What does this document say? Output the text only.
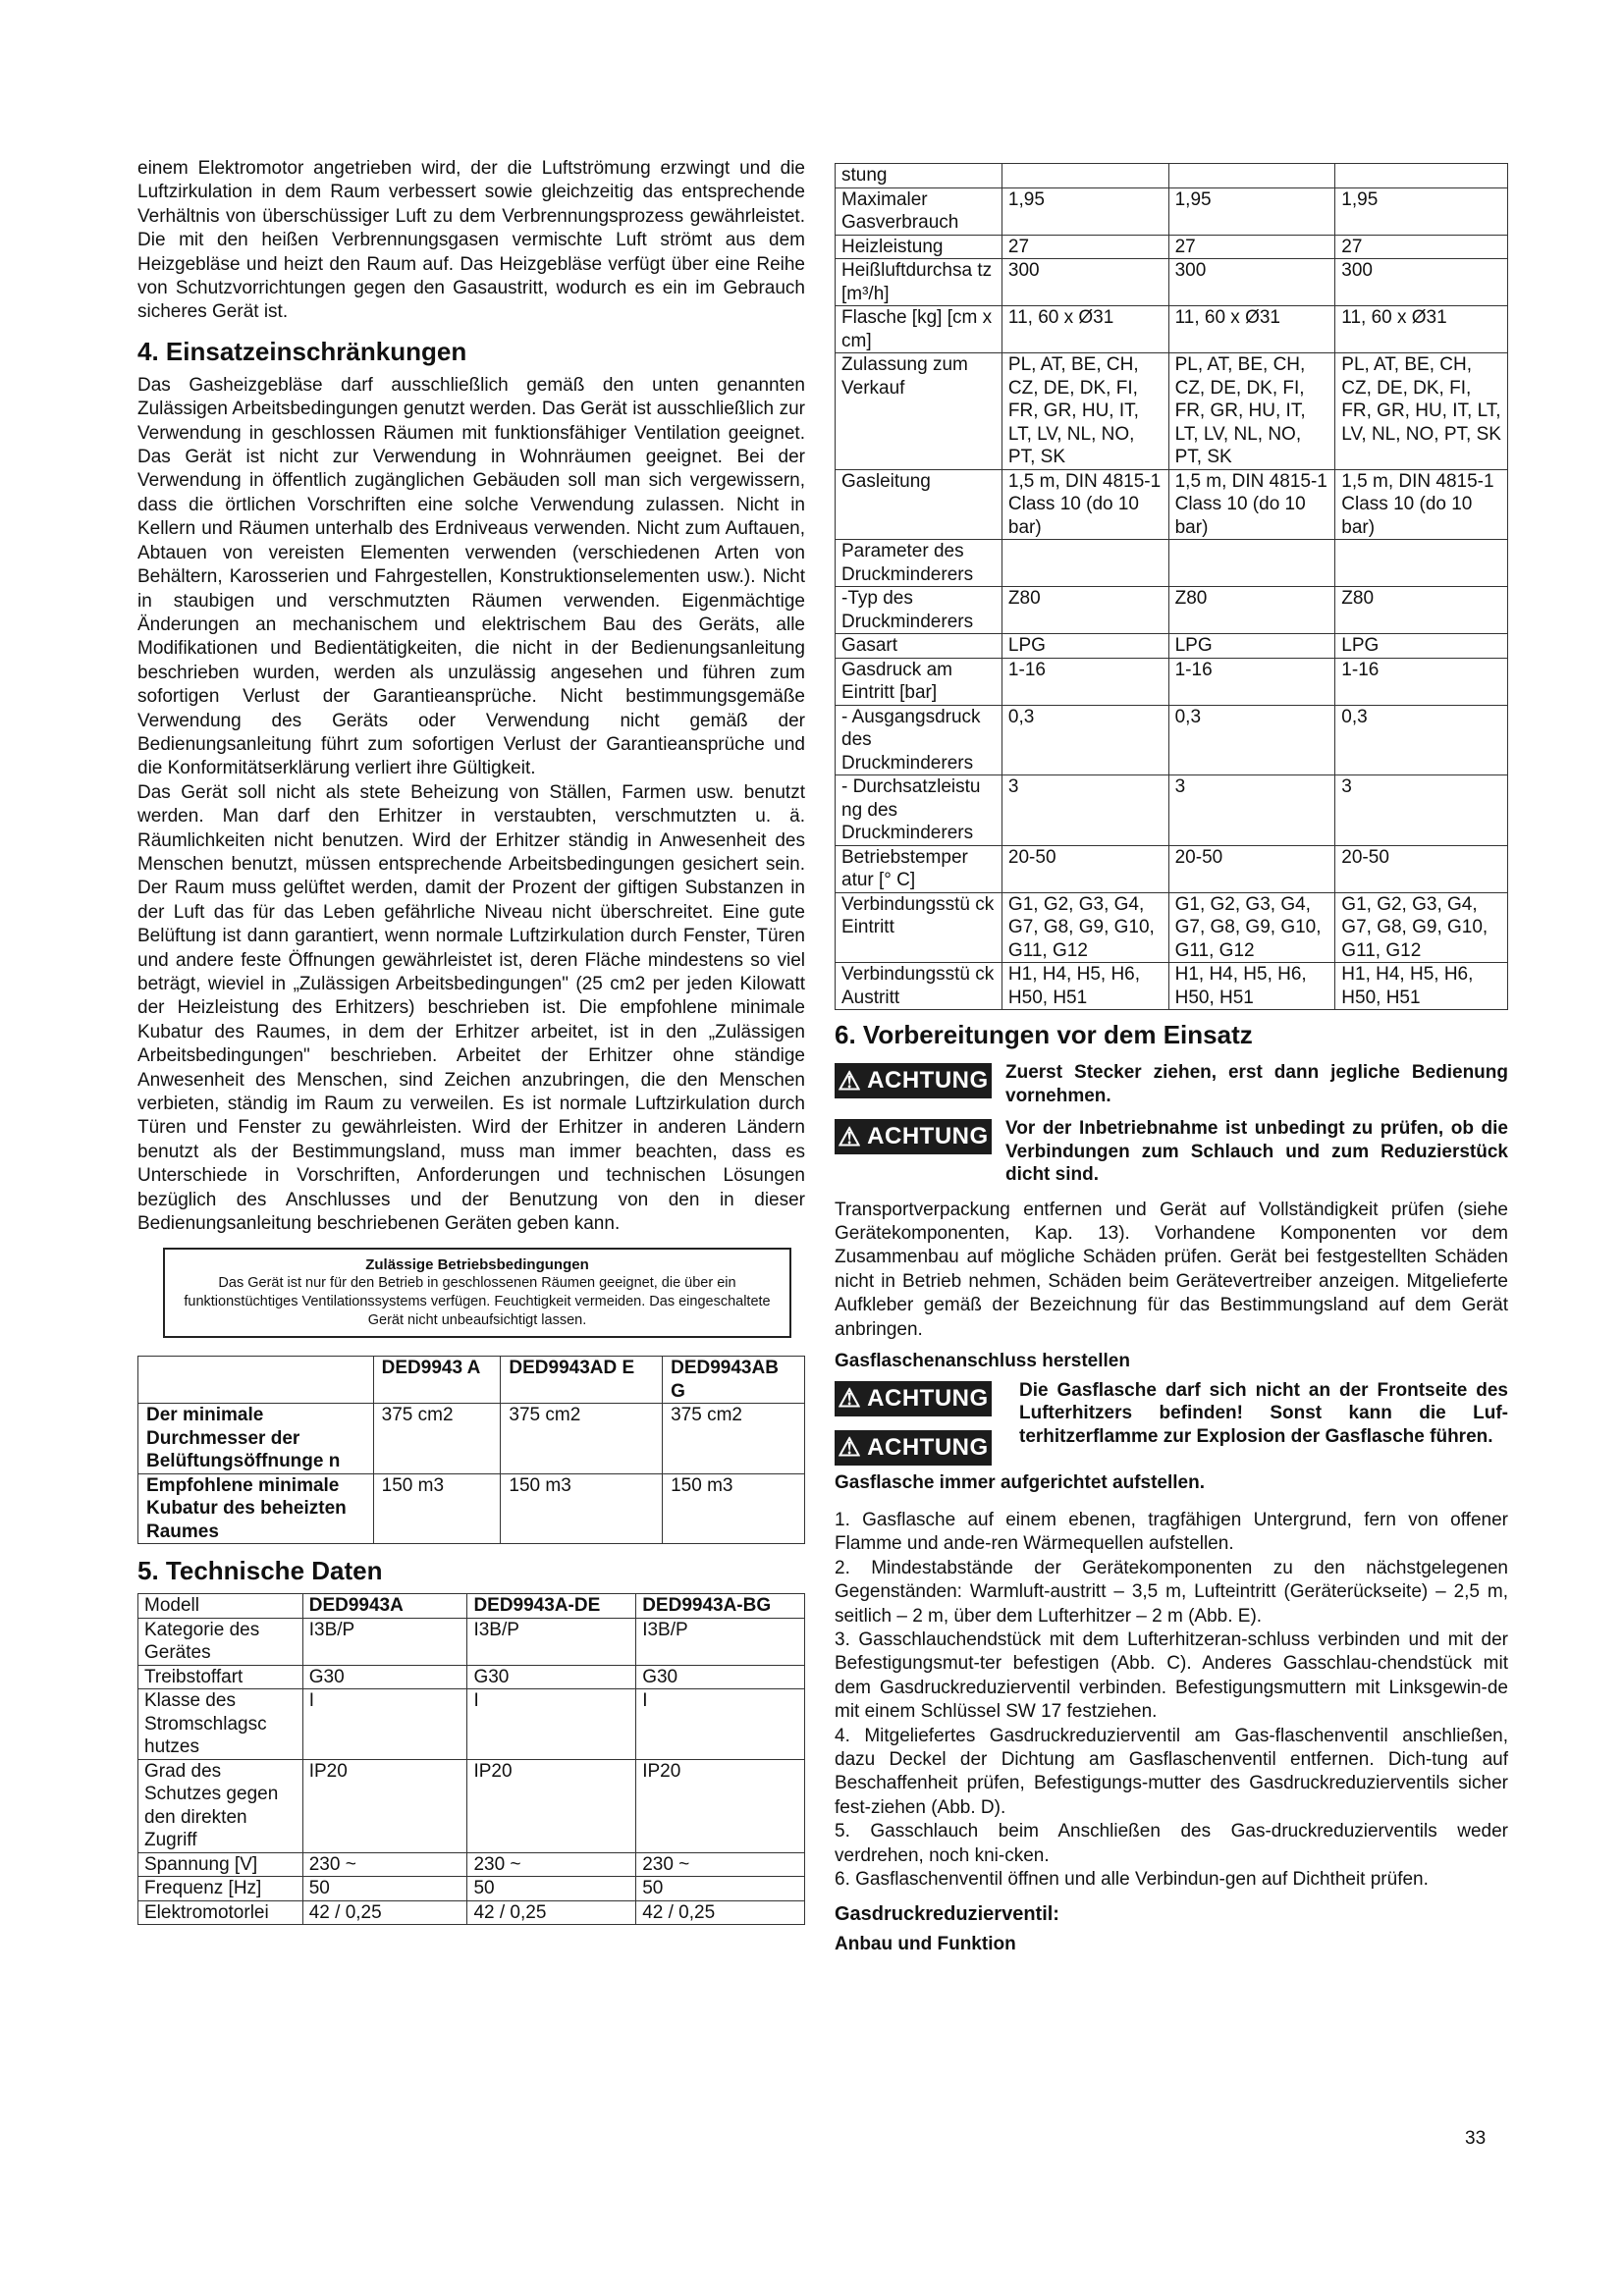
einem Elektromotor angetrieben wird, der die Luftströmung erzwingt und die Luftzirkulation in dem Raum verbessert sowie gleichzeitig das entsprechende Verhältnis von überschüssiger Luft zu dem Verbrennungsprozess gewährleistet. Die mit den heißen Verbrennungsgasen vermischte Luft strömt aus dem Heizgebläse und heizt den Raum auf. Das Heizgebläse verfügt über eine Reihe von Schutzvorrichtungen gegen den Gasaustritt, wodurch es ein im Gebrauch sicheres Gerät ist.

4. Einsatzeinschränkungen

Das Gasheizgebläse darf ausschließlich gemäß den unten genannten Zulässigen Arbeitsbedingungen genutzt werden. Das Gerät ist ausschließlich zur Verwendung in geschlossen Räumen mit funktionsfähiger Ventilation geeignet. Das Gerät ist nicht zur Verwendung in Wohnräumen geeignet. Bei der Verwendung in öffentlich zugänglichen Gebäuden soll man sich vergewissern, dass die örtlichen Vorschriften eine solche Verwendung zulassen. Nicht in Kellern und Räumen unterhalb des Erdniveaus verwenden. Nicht zum Auftauen, Abtauen von vereisten Elementen verwenden (verschiedenen Arten von Behältern, Karosserien und Fahrgestellen, Konstruktionselementen usw.). Nicht in staubigen und verschmutzten Räumen verwenden. Eigenmächtige Änderungen an mechanischem und elektrischem Bau des Geräts, alle Modifikationen und Bedientätigkeiten, die nicht in der Bedienungsanleitung beschrieben wurden, werden als unzulässig angesehen und führen zum sofortigen Verlust der Garantieansprüche. Nicht bestimmungsgemäße Verwendung des Geräts oder Verwendung nicht gemäß der Bedienungsanleitung führt zum sofortigen Verlust der Garantieansprüche und die Konformitätserklärung verliert ihre Gültigkeit.

Das Gerät soll nicht als stete Beheizung von Ställen, Farmen usw. benutzt werden. Man darf den Erhitzer in verstaubten, verschmutzten u. ä. Räumlichkeiten nicht benutzen. Wird der Erhitzer ständig in Anwesenheit des Menschen benutzt, müssen entsprechende Arbeitsbedingungen gesichert sein. Der Raum muss gelüftet werden, damit der Prozent der giftigen Substanzen in der Luft das für das Leben gefährliche Niveau nicht überschreitet. Eine gute Belüftung ist dann garantiert, wenn normale Luftzirkulation durch Fenster, Türen und andere feste Öffnungen gewährleistet ist, deren Fläche mindestens so viel beträgt, wieviel in „Zulässigen Arbeitsbedingungen" (25 cm2 per jeden Kilowatt der Heizleistung des Erhitzers) beschrieben ist. Die empfohlene minimale Kubatur des Raumes, in dem der Erhitzer arbeitet, ist in den „Zulässigen Arbeitsbedingungen" beschrieben. Arbeitet der Erhitzer ohne ständige Anwesenheit des Menschen, sind Zeichen anzubringen, die den Menschen verbieten, ständig im Raum zu verweilen. Es ist normale Luftzirkulation durch Türen und Fenster zu gewährleisten. Wird der Erhitzer in anderen Ländern benutzt als der Bestimmungsland, muss man immer beachten, dass es Unterschiede in Vorschriften, Anforderungen und technischen Lösungen bezüglich des Anschlusses und der Benutzung von den in dieser Bedienungsanleitung beschriebenen Geräten geben kann.

Zulässige Betriebsbedingungen
Das Gerät ist nur für den Betrieb in geschlossenen Räumen geeignet, die über ein funktionstüchtiges Ventilationssystems verfügen. Feuchtigkeit vermeiden. Das eingeschaltete Gerät nicht unbeaufsichtigt lassen.
	DED9943 A	DED9943AD E	DED9943AB G
Der minimale Durchmesser der Belüftungsöffnunge n	375 cm2	375 cm2	375 cm2
Empfohlene minimale Kubatur des beheizten Raumes	150 m3	150 m3	150 m3
5. Technische Daten
Modell	DED9943A	DED9943A-DE	DED9943A-BG
Kategorie des Gerätes	I3B/P	I3B/P	I3B/P
Treibstoffart	G30	G30	G30
Klasse des Stromschlagsc hutzes	I	I	I
Grad des Schutzes gegen den direkten Zugriff	IP20	IP20	IP20
Spannung [V]	230 ~	230 ~	230 ~
Frequenz [Hz]	50	50	50
Elektromotorlei	42 / 0,25	42 / 0,25	42 / 0,25
stung			
Maximaler Gasverbrauch	1,95	1,95	1,95
Heizleistung	27	27	27
Heißluftdurchsa tz [m³/h]	300	300	300
Flasche [kg] [cm x cm]	11, 60 x Ø31	11, 60 x Ø31	11, 60 x Ø31
Zulassung zum Verkauf	PL, AT, BE, CH, CZ, DE, DK, FI, FR, GR, HU, IT, LT, LV, NL, NO, PT, SK	PL, AT, BE, CH, CZ, DE, DK, FI, FR, GR, HU, IT, LT, LV, NL, NO, PT, SK	PL, AT, BE, CH, CZ, DE, DK, FI, FR, GR, HU, IT, LT, LV, NL, NO, PT, SK
Gasleitung	1,5 m, DIN 4815-1 Class 10 (do 10 bar)	1,5 m, DIN 4815-1 Class 10 (do 10 bar)	1,5 m, DIN 4815-1 Class 10 (do 10 bar)
Parameter des Druckminderers			
-Typ des Druckminderers	Z80	Z80	Z80
Gasart	LPG	LPG	LPG
Gasdruck am Eintritt [bar]	1-16	1-16	1-16
- Ausgangsdruck des Druckminderers	0,3	0,3	0,3
- Durchsatzleistu ng des Druckminderers	3	3	3
Betriebstemper atur [° C]	20-50	20-50	20-50
Verbindungsstü ck Eintritt	G1, G2, G3, G4, G7, G8, G9, G10, G11, G12	G1, G2, G3, G4, G7, G8, G9, G10, G11, G12	G1, G2, G3, G4, G7, G8, G9, G10, G11, G12
Verbindungsstü ck Austritt	H1, H4, H5, H6, H50, H51	H1, H4, H5, H6, H50, H51	H1, H4, H5, H6, H50, H51
6. Vorbereitungen vor dem Einsatz
⚠ ACHTUNG Zuerst Stecker ziehen, erst dann jegliche Bedienung vornehmen.
⚠ ACHTUNG Vor der Inbetriebnahme ist unbedingt zu prüfen, ob die Verbindungen zum Schlauch und zum Reduzierstück dicht sind.

Transportverpackung entfernen und Gerät auf Vollständigkeit prüfen (siehe Gerätekomponenten, Kap. 13). Vorhandene Komponenten vor dem Zusammenbau auf mögliche Schäden prüfen. Gerät bei festgestellten Schäden nicht in Betrieb nehmen, Schäden beim Gerätevertreiber anzeigen. Mitgeliefertе Aufkleber gemäß der Bezeichnung für das Bestimmungsland auf dem Gerät anbringen.

Gasflaschenanschluss herstellen
⚠ ACHTUNG
⚠ ACHTUNG
Die Gasflasche darf sich nicht an der Frontseite des Lufterhitzers befinden! Sonst kann die Luf-terhitzerflamme zur Explosion der Gasflasche führen.
Gasflasche immer aufgerichtet aufstellen.

1. Gasflasche auf einem ebenen, tragfähigen Untergrund, fern von offener Flamme und ande-ren Wärmequellen aufstellen.

2. Mindestabstände der Gerätekomponenten zu den nächstgelegenen Gegenständen: Warmluft-austritt – 3,5 m, Lufteintritt (Geräterückseite) – 2,5 m, seitlich – 2 m, über dem Lufterhitzer – 2 m (Abb. E).

3. Gasschlauchendstück mit dem Lufterhitzeran-schluss verbinden und mit der Befestigungsmut-ter befestigen (Abb. C). Anderes Gasschlau-chendstück mit dem Gasdruckreduzierventil verbinden. Befestigungsmuttern mit Linksgewin-de mit einem Schlüssel SW 17 festziehen.

4. Mitgeliefertes Gasdruckreduzierventil am Gas-flaschenventil anschließen, dazu Deckel der Dichtung am Gasflaschenventil entfernen. Dich-tung auf Beschaffenheit prüfen, Befestigungs-mutter des Gasdruckreduzierventils sicher fest-ziehen (Abb. D).

5. Gasschlauch beim Anschließen des Gas-druckreduzierventils weder verdrehen, noch kni-cken.

6. Gasflaschenventil öffnen und alle Verbindun-gen auf Dichtheit prüfen.

Gasdruckreduzierventil:
Anbau und Funktion
33
